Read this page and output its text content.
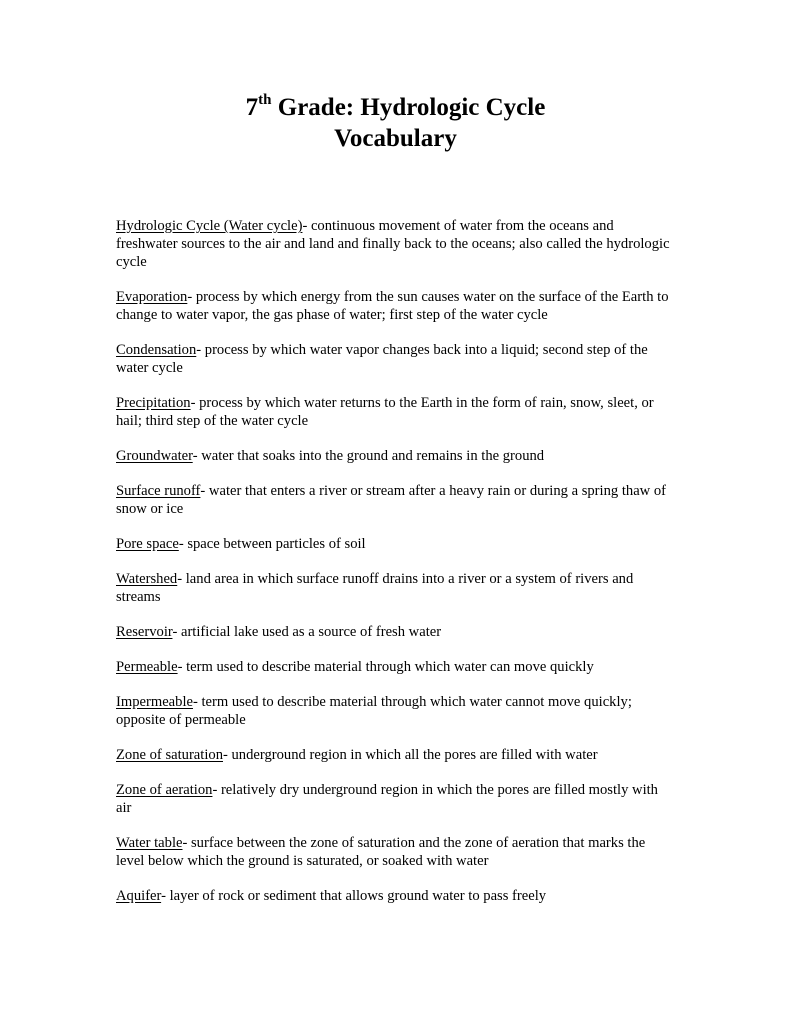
7th Grade: Hydrologic Cycle
Vocabulary

Hydrologic Cycle (Water cycle)- continuous movement of water from the oceans and freshwater sources to the air and land and finally back to the oceans; also called the hydrologic cycle

Evaporation- process by which energy from the sun causes water on the surface of the Earth to change to water vapor, the gas phase of water; first step of the water cycle

Condensation- process by which water vapor changes back into a liquid; second step of the water cycle

Precipitation- process by which water returns to the Earth in the form of rain, snow, sleet, or hail; third step of the water cycle

Groundwater- water that soaks into the ground and remains in the ground

Surface runoff- water that enters a river or stream after a heavy rain or during a spring thaw of snow or ice

Pore space- space between particles of soil

Watershed- land area in which surface runoff drains into a river or a system of rivers and streams

Reservoir- artificial lake used as a source of fresh water

Permeable- term used to describe material through which water can move quickly

Impermeable- term used to describe material through which water cannot move quickly; opposite of permeable

Zone of saturation- underground region in which all the pores are filled with water

Zone of aeration- relatively dry underground region in which the pores are filled mostly with air

Water table- surface between the zone of saturation and the zone of aeration that marks the level below which the ground is saturated, or soaked with water

Aquifer- layer of rock or sediment that allows ground water to pass freely
